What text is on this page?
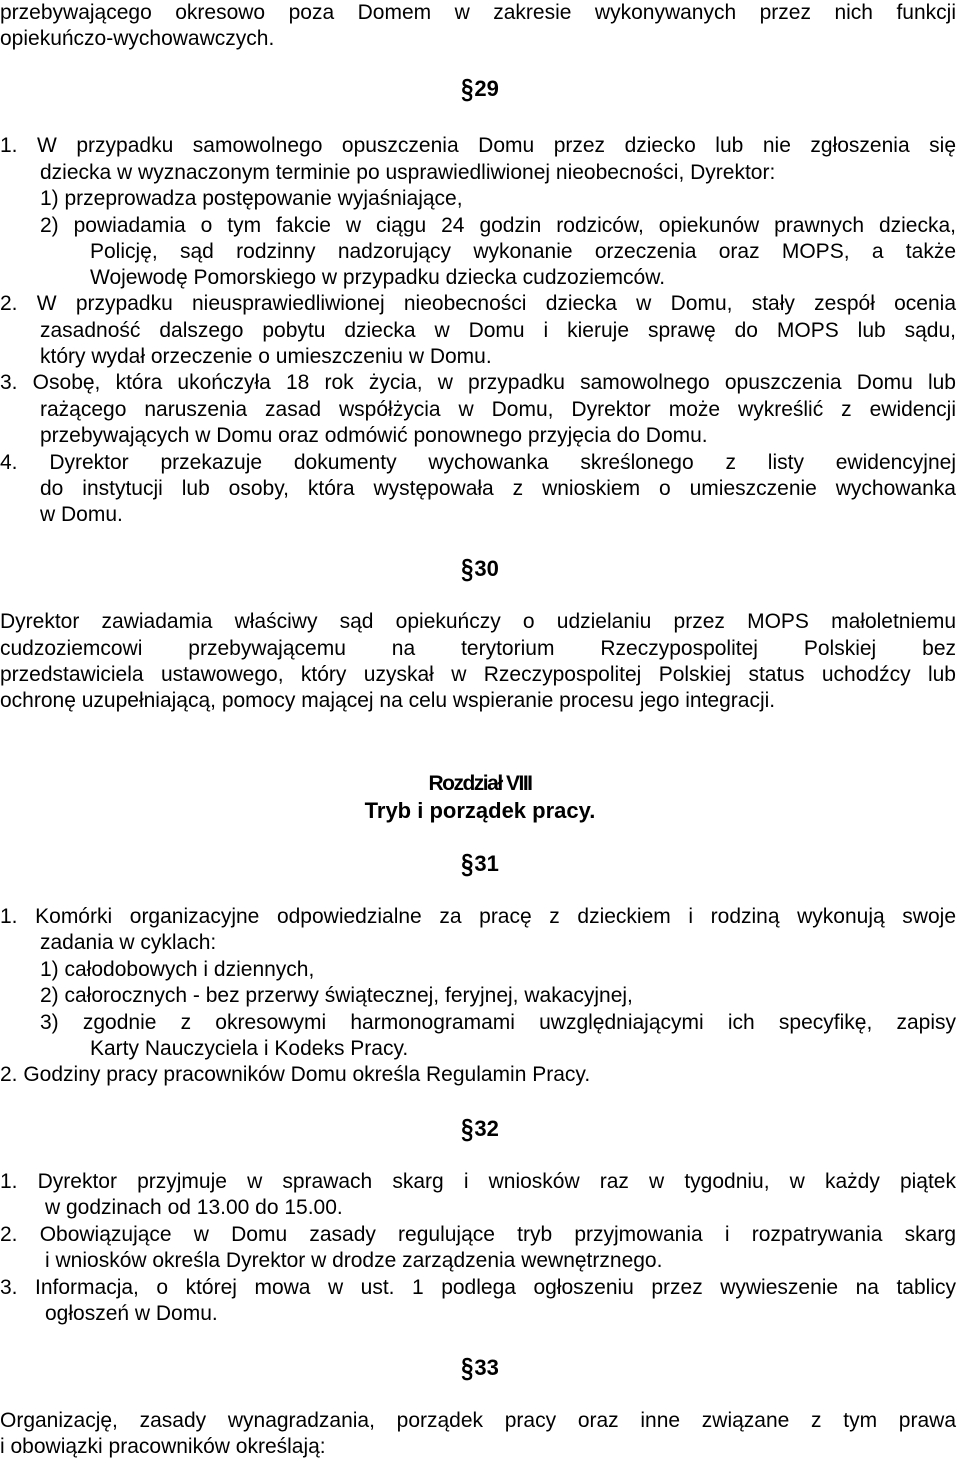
przebywającego okresowo poza Domem w zakresie wykonywanych przez nich funkcji

opiekuńczo-wychowawczych.

§29

1. W przypadku samowolnego opuszczenia Domu przez dziecko lub nie zgłoszenia się

dziecka w wyznaczonym terminie po usprawiedliwionej nieobecności, Dyrektor:

1) przeprowadza postępowanie wyjaśniające,

2) powiadamia o tym fakcie w ciągu 24 godzin rodziców, opiekunów prawnych dziecka,

Policję, sąd rodzinny nadzorujący wykonanie orzeczenia oraz MOPS, a także

Wojewodę Pomorskiego w przypadku dziecka cudzoziemców.

2. W przypadku nieusprawiedliwionej nieobecności dziecka w Domu, stały zespół ocenia

zasadność dalszego pobytu dziecka w Domu i kieruje sprawę do MOPS lub sądu,

który wydał orzeczenie o umieszczeniu w Domu.

3. Osobę, która ukończyła 18 rok życia, w przypadku samowolnego opuszczenia Domu lub

rażącego naruszenia zasad współżycia w Domu, Dyrektor może wykreślić z ewidencji

przebywających w Domu oraz odmówić ponownego przyjęcia do Domu.

4. Dyrektor przekazuje dokumenty wychowanka skreślonego z listy ewidencyjnej

do instytucji lub osoby, która występowała z wnioskiem o umieszczenie wychowanka

w Domu.

§30

Dyrektor zawiadamia właściwy sąd opiekuńczy o udzielaniu przez MOPS małoletniemu

cudzoziemcowi przebywającemu na terytorium Rzeczypospolitej Polskiej bez

przedstawiciela ustawowego, który uzyskał w Rzeczypospolitej Polskiej status uchodźcy lub

ochronę uzupełniającą, pomocy mającej na celu wspieranie procesu jego integracji.

Rozdział VIII

Tryb i porządek pracy.

§31

1. Komórki organizacyjne odpowiedzialne za pracę z dzieckiem i rodziną wykonują swoje

zadania w cyklach:

1) całodobowych i dziennych,

2) całorocznych - bez przerwy świątecznej, feryjnej, wakacyjnej,

3) zgodnie z okresowymi harmonogramami uwzględniającymi ich specyfikę, zapisy

Karty Nauczyciela i Kodeks Pracy.

2. Godziny pracy pracowników Domu określa Regulamin Pracy.

§32

1. Dyrektor przyjmuje w sprawach skarg i wniosków raz w tygodniu, w każdy piątek

w godzinach od 13.00 do 15.00.

2. Obowiązujące w Domu zasady regulujące tryb przyjmowania i rozpatrywania skarg

i wniosków określa Dyrektor w drodze zarządzenia wewnętrznego.

3. Informacja, o której mowa w ust. 1 podlega ogłoszeniu przez wywieszenie na tablicy

ogłoszeń w Domu.

§33

Organizację, zasady wynagradzania, porządek pracy oraz inne związane z tym prawa

i obowiązki pracowników określają:
